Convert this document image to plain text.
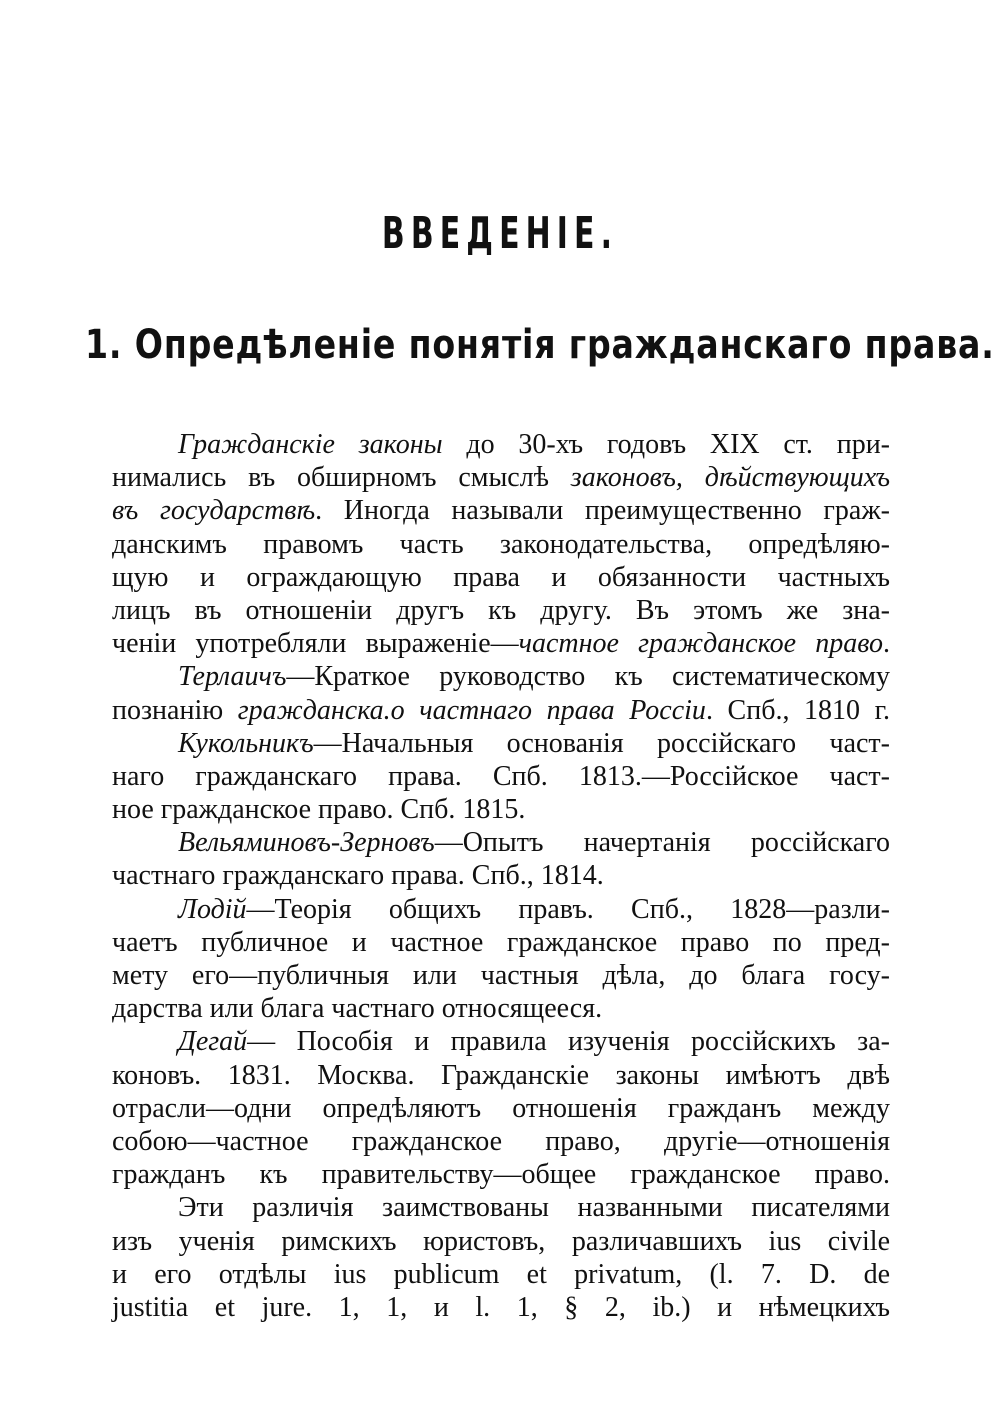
ВВЕДЕНІЕ.
1. Опредѣленіе понятія гражданскаго права.
Гражданскіе законы до 30-хъ годовъ XIX ст. при-
нимались въ обширномъ смыслѣ законовъ, дѣйствующихъ
въ государствѣ. Иногда называли преимущественно граж-
данскимъ правомъ часть законодательства, опредѣляю-
щую и ограждающую права и обязанности частныхъ
лицъ въ отношеніи другъ къ другу. Въ этомъ же зна-
ченіи употребляли выраженіе—частное гражданское право.
Терлаичъ—Краткое руководство къ систематическому
познанію гражданска.о частнаго права Россіи. Спб., 1810 г.
Кукольникъ—Начальныя основанія россійскаго част-
наго гражданскаго права. Спб. 1813.—Россійское част-
ное гражданское право. Спб. 1815.
Вельяминовъ-Зерновъ—Опытъ начертанія россійскаго
частнаго гражданскаго права. Спб., 1814.
Лодій—Теорія общихъ правъ. Спб., 1828—разли-
чаетъ публичное и частное гражданское право по пред-
мету его—публичныя или частныя дѣла, до блага госу-
дарства или блага частнаго относящееся.
Дегай— Пособія и правила изученія россійскихъ за-
коновъ. 1831. Москва. Гражданскіе законы имѣютъ двѣ
отрасли—одни опредѣляютъ отношенія гражданъ между
собою—частное гражданское право, другіе—отношенія
гражданъ къ правительству—общее гражданское право.
Эти различія заимствованы названными писателями
изъ ученія римскихъ юристовъ, различавшихъ ius civile
и его отдѣлы ius publicum et privatum, (l. 7. D. de
justitia et jure. 1, 1, и l. 1, § 2, ib.) и нѣмецкихъ
